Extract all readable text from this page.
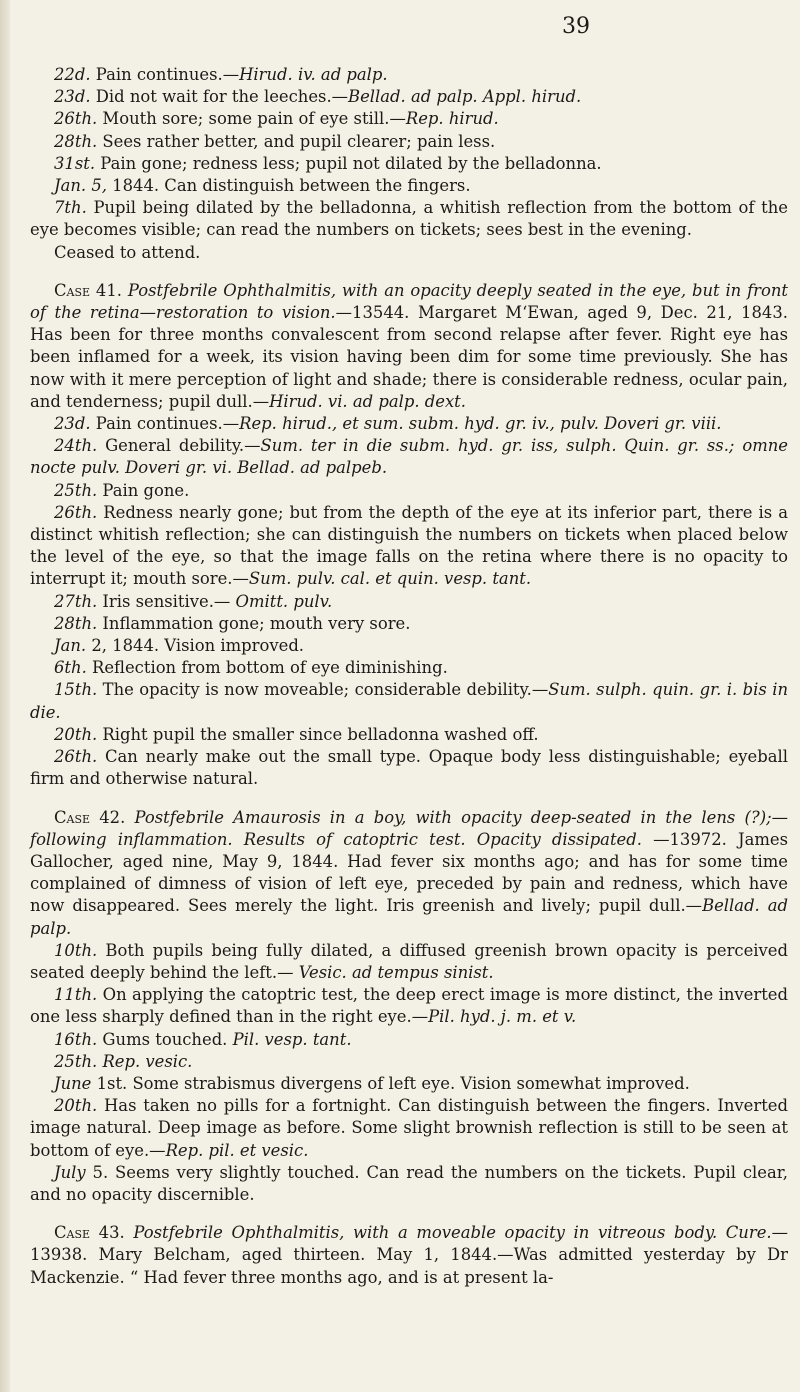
39

22d. Pain continues.—Hirud. iv. ad palp.

23d. Did not wait for the leeches.—Bellad. ad palp. Appl. hirud.

26th. Mouth sore; some pain of eye still.—Rep. hirud.

28th. Sees rather better, and pupil clearer; pain less.

31st. Pain gone; redness less; pupil not dilated by the belladonna.

Jan. 5, 1844. Can distinguish between the fingers.

7th. Pupil being dilated by the belladonna, a whitish reflection from the bottom of the eye becomes visible; can read the numbers on tickets; sees best in the evening.

Ceased to attend.

Case 41. Postfebrile Ophthalmitis, with an opacity deeply seated in the eye, but in front of the retina—restoration to vision.—13544. Margaret M‘Ewan, aged 9, Dec. 21, 1843. Has been for three months convalescent from second relapse after fever. Right eye has been inflamed for a week, its vision having been dim for some time previously. She has now with it mere perception of light and shade; there is considerable redness, ocular pain, and tenderness; pupil dull.—Hirud. vi. ad palp. dext.

23d. Pain continues.—Rep. hirud., et sum. subm. hyd. gr. iv., pulv. Doveri gr. viii.

24th. General debility.—Sum. ter in die subm. hyd. gr. iss, sulph. Quin. gr. ss.; omne nocte pulv. Doveri gr. vi. Bellad. ad palpeb.

25th. Pain gone.

26th. Redness nearly gone; but from the depth of the eye at its inferior part, there is a distinct whitish reflection; she can distinguish the numbers on tickets when placed below the level of the eye, so that the image falls on the retina where there is no opacity to interrupt it; mouth sore.—Sum. pulv. cal. et quin. vesp. tant.

27th. Iris sensitive.— Omitt. pulv.

28th. Inflammation gone; mouth very sore.

Jan. 2, 1844. Vision improved.

6th. Reflection from bottom of eye diminishing.

15th. The opacity is now moveable; considerable debility.—Sum. sulph. quin. gr. i. bis in die.

20th. Right pupil the smaller since belladonna washed off.

26th. Can nearly make out the small type. Opaque body less distinguishable; eyeball firm and otherwise natural.

Case 42. Postfebrile Amaurosis in a boy, with opacity deep-seated in the lens (?);—following inflammation. Results of catoptric test. Opacity dissipated. —13972. James Gallocher, aged nine, May 9, 1844. Had fever six months ago; and has for some time complained of dimness of vision of left eye, preceded by pain and redness, which have now disappeared. Sees merely the light. Iris greenish and lively; pupil dull.—Bellad. ad palp.

10th. Both pupils being fully dilated, a diffused greenish brown opacity is perceived seated deeply behind the left.— Vesic. ad tempus sinist.

11th. On applying the catoptric test, the deep erect image is more distinct, the inverted one less sharply defined than in the right eye.—Pil. hyd. j. m. et v.

16th. Gums touched. Pil. vesp. tant.

25th. Rep. vesic.

June 1st. Some strabismus divergens of left eye. Vision somewhat improved.

20th. Has taken no pills for a fortnight. Can distinguish between the fingers. Inverted image natural. Deep image as before. Some slight brownish reflection is still to be seen at bottom of eye.—Rep. pil. et vesic.

July 5. Seems very slightly touched. Can read the numbers on the tickets. Pupil clear, and no opacity discernible.

Case 43. Postfebrile Ophthalmitis, with a moveable opacity in vitreous body. Cure.—13938. Mary Belcham, aged thirteen. May 1, 1844.—Was admitted yesterday by Dr Mackenzie. “ Had fever three months ago, and is at present la-
